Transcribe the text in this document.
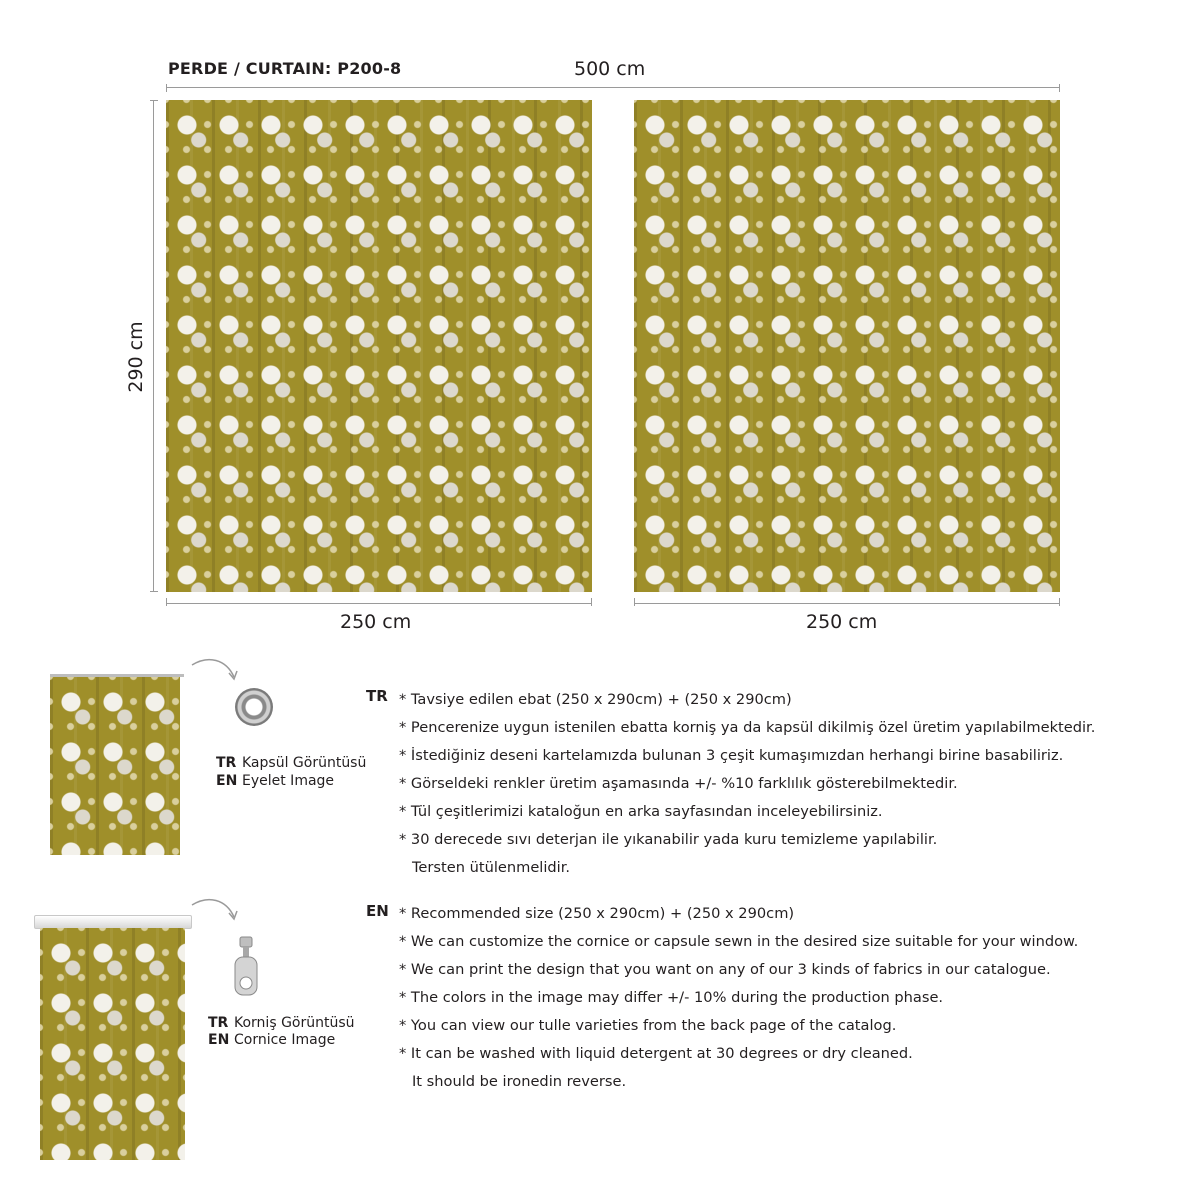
PERDE / CURTAIN: P200-8	500 cm
290 cm
250 cm	250 cm
TR Kapsül Görüntüsü
EN Eyelet Image
TR Korniş Görüntüsü
EN Cornice Image
TR * Tavsiye edilen ebat (250 x 290cm) + (250 x 290cm)
* Pencerenize uygun istenilen ebatta korniş ya da kapsül dikilmiş özel üretim yapılabilmektedir.
* İstediğiniz deseni kartelamızda bulunan 3 çeşit kumaşımızdan herhangi birine basabiliriz.
* Görseldeki renkler üretim aşamasında +/- %10 farklılık gösterebilmektedir.
* Tül çeşitlerimizi kataloğun en arka sayfasından inceleyebilirsiniz.
* 30 derecede sıvı deterjan ile yıkanabilir yada kuru temizleme yapılabilir.
Tersten ütülenmelidir.
EN * Recommended size (250 x 290cm) + (250 x 290cm)
* We can customize the cornice or capsule sewn in the desired size suitable for your window.
* We can print the design that you want on any of our 3 kinds of fabrics in our catalogue.
* The colors in the image may differ +/- 10% during the production phase.
* You can view our tulle varieties from the back page of the catalog.
* It can be washed with liquid detergent at 30 degrees or dry cleaned.
It should be ironedin reverse.
